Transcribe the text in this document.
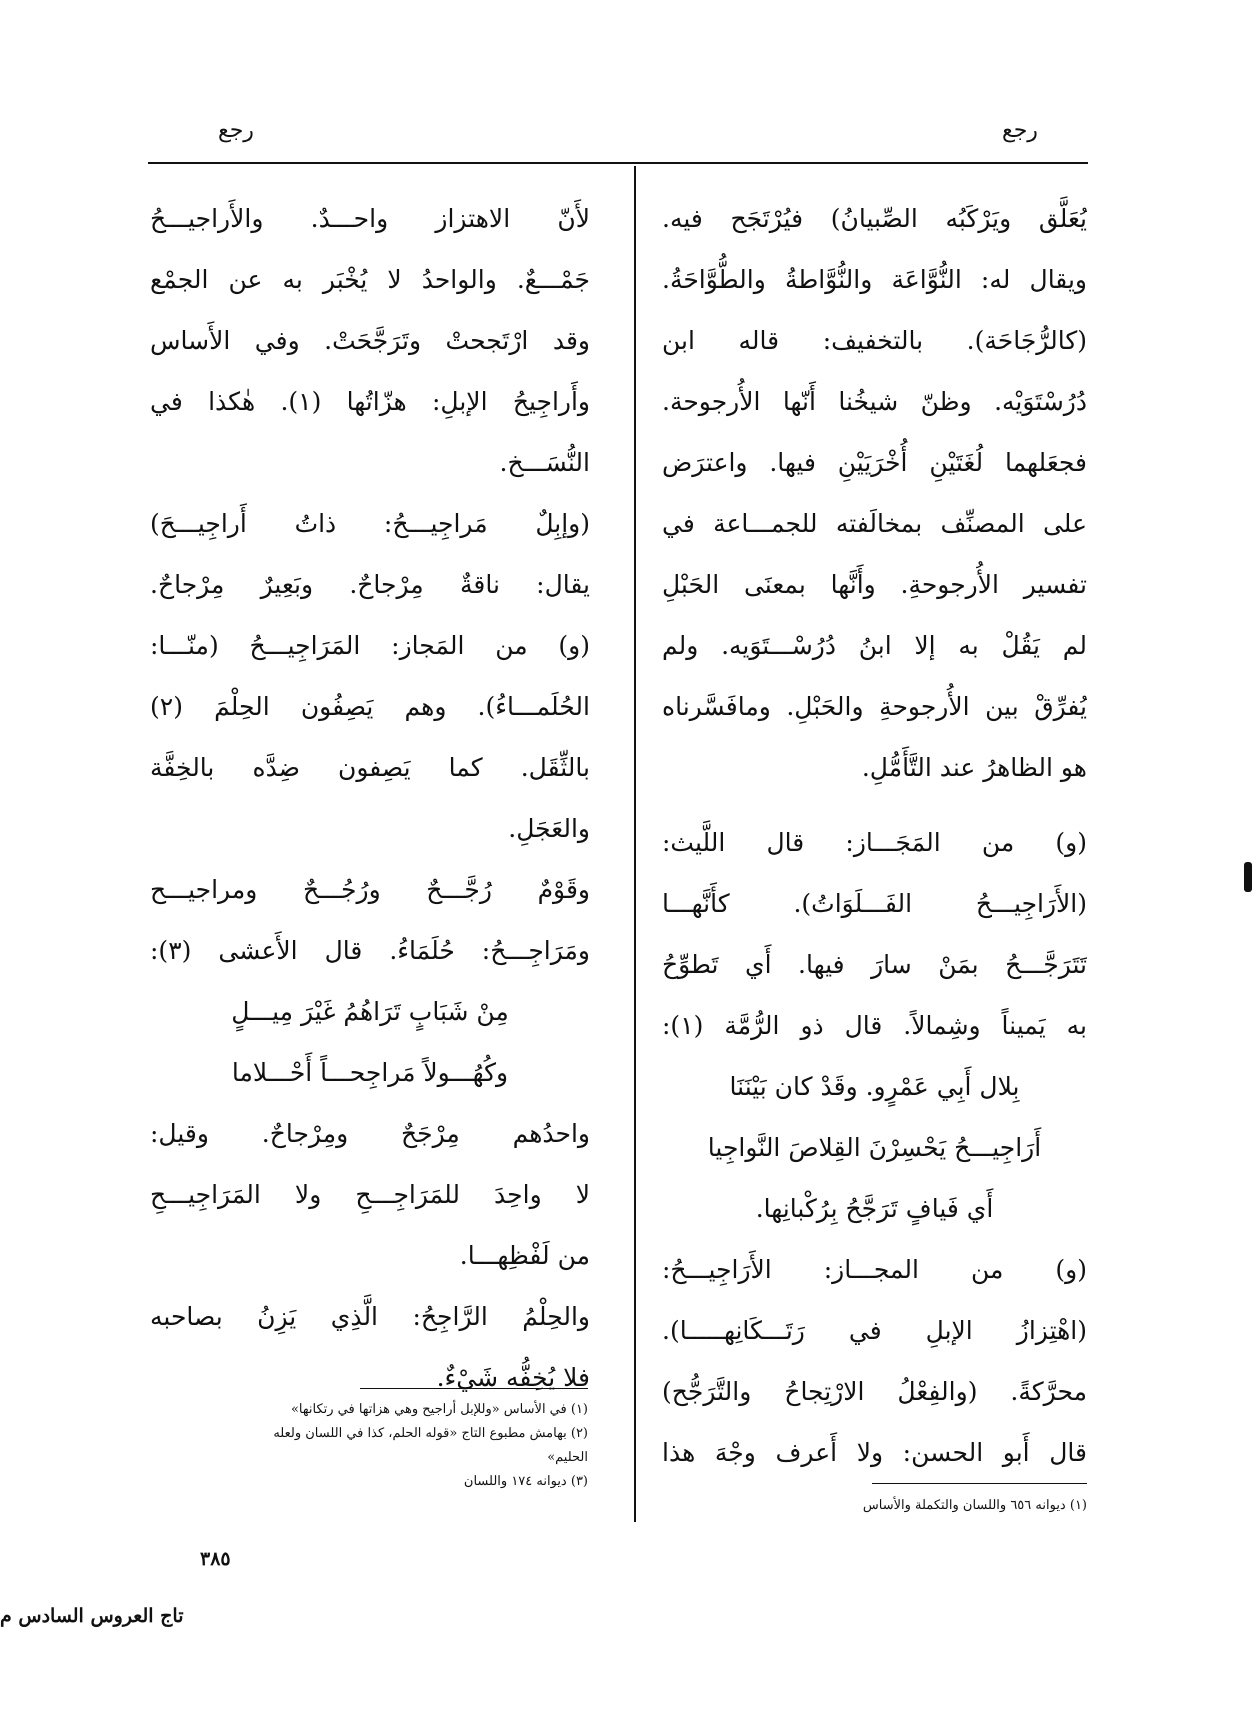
رجع
رجع
يُعَلَّق ويَرْكَبُه الصِّبيانُ) فيُرْتَجَح فيه.
ويقال له: النُّوَّاعَة والنُّوَّاطةُ والطُّوَّاحَةُ.
(كالرُّجَاحَة). بالتخفيف: قاله ابن
دُرُسْتَوَيْه. وظنّ شيخُنا أَنّها الأُرجوحة.
فجعَلهما لُغَتَيْنِ أُخْرَيَيْنِ فيها. واعترَض
على المصنِّف بمخالَفته للجمـــاعة في
تفسير الأُرجوحةِ. وأَنَّها بمعنَى الحَبْلِ
لم يَقُلْ به إلا ابنُ دُرُسْـــتَوَيه. ولم
يُفرِّقْ بين الأُرجوحةِ والحَبْلِ. ومافَسَّرناه
هو الظاهرُ عند التَّأَمُّلِ.
(و) من المَجَـــاز: قال اللَّيث:
(الأَرَاجِيـــحُ الفَـــلَوَاتُ). كأَنَّهـــا
تَتَرَجَّـــحُ بمَنْ سارَ فيها. أَي تَطوِّحُ
به يَميناً وشِمالاً. قال ذو الرُّمَّة (١):
بِلال أَبِي عَمْرٍو. وقَدْ كان بَيْنَنَا
أَرَاجِيـــحُ يَحْسِرْنَ القِلاصَ النَّواجِيا
أَي فَيافٍ تَرَجَّحُ بِرُكْبانِها.
(و) من المجـــاز: الأَرَاجِيـــحُ:
(اهْتِزازُ الإبلِ في رَتَـــكَانِهـــــا).
محرَّكةً. (والفِعْلُ الارْتِجاحُ والتَّرَجُّح)
قال أَبو الحسن: ولا أَعرف وجْهَ هذا
لأَنّ الاهتزاز واحـــدٌ. والأَراجيـــحُ
جَمْـــعٌ. والواحدُ لا يُخْبَر به عن الجمْع
وقد ارْتَجحتْ وتَرَجَّحَتْ. وفي الأَساس
وأَراجِيحُ الإبلِ: هزّاتُها (١). هٰكذا في
النُّسَـــخ.
(وإبِلٌ مَراجِيـــحُ: ذاتُ أَراجِيـــحَ)
يقال: ناقةٌ مِرْجاحٌ. وبَعِيرٌ مِرْجاحٌ.
(و) من المَجاز: المَرَاجِيـــحُ (منّـــا:
الحُلَمـــاءُ). وهم يَصِفُون الحِلْمَ (٢)
بالثِّقَل. كما يَصِفون ضِدَّه بالخِفَّة
والعَجَلِ.
وقَوْمٌ رُجَّـــحٌ ورُجُـــحٌ ومراجيـــح
ومَرَاجِـــحُ: حُلَمَاءُ. قال الأَعشى (٣):
مِنْ شَبَابٍ تَرَاهُمُ غَيْرَ مِيـــلٍ
وكُهُـــولاً مَراجِحـــاً أَحْـــلاما
واحدُهم مِرْجَحٌ ومِرْجاحٌ. وقيل:
لا واحِدَ للمَرَاجِـــحِ ولا المَرَاجِيـــحِ
من لَفْظِهـــا.
والحِلْمُ الرَّاجِحُ: الَّذِي يَزِنُ بصاحبه
فلا يُخِفُّه شَيْءٌ.
(١) ديوانه ٦٥٦ واللسان والتكملة والأساس
(١) في الأساس «وللإبل أراجيح وهي هزاتها في رتكانها»
(٢) بهامش مطبوع التاج «قوله الحلم، كذا في اللسان ولعله
الحليم»
(٣) ديوانه ١٧٤ واللسان
٣٨٥
تاج العروس السادس م
